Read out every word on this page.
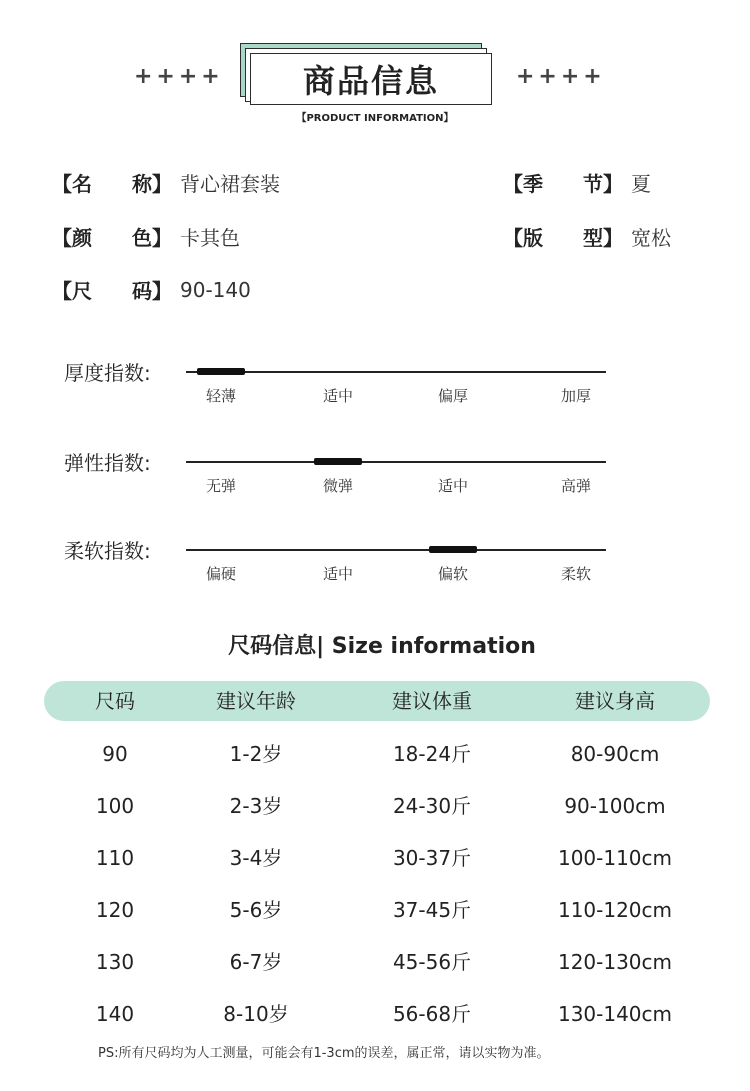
++++	商品信息	++++
【PRODUCT INFORMATION】
【名 称】 背心裙套装	【季 节】 夏
【颜 色】 卡其色	【版 型】 宽松
【尺 码】 90-140
厚度指数:
轻薄	适中	偏厚	加厚
弹性指数:
无弹	微弹	适中	高弹
柔软指数:
偏硬	适中	偏软	柔软
尺码信息| Size information
尺码	建议年龄	建议体重	建议身高
90	1-2岁	18-24斤	80-90cm
100	2-3岁	24-30斤	90-100cm
110	3-4岁	30-37斤	100-110cm
120	5-6岁	37-45斤	110-120cm
130	6-7岁	45-56斤	120-130cm
140	8-10岁	56-68斤	130-140cm
PS:所有尺码均为人工测量，可能会有1-3cm的误差，属正常，请以实物为准。
